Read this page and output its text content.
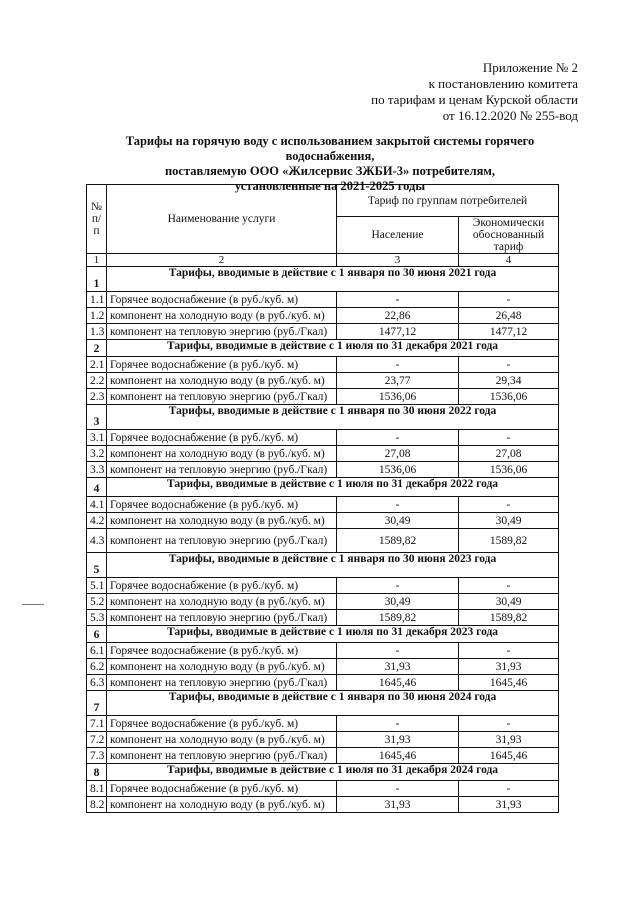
Приложение № 2
к постановлению комитета
по тарифам и ценам Курской области
от 16.12.2020 № 255-вод
Тарифы на горячую воду с использованием закрытой системы горячего водоснабжения,
поставляемую ООО «Жилсервис ЗЖБИ-3» потребителям,
установленные на 2021-2025 годы
№ п/п	Наименование услуги	Тариф по группам потребителей	
		Население	Экономически обоснованный тариф
1	2	3	4
1	Тарифы, вводимые в действие с 1 января по 30 июня 2021 года		
1.1	Горячее водоснабжение (в руб./куб. м)	-	-
1.2	компонент на холодную воду (в руб./куб. м)	22,86	26,48
1.3	компонент на тепловую энергию (руб./Гкал)	1477,12	1477,12
2	Тарифы, вводимые в действие с 1 июля по 31 декабря 2021 года		
2.1	Горячее водоснабжение (в руб./куб. м)	-	-
2.2	компонент на холодную воду (в руб./куб. м)	23,77	29,34
2.3	компонент на тепловую энергию (руб./Гкал)	1536,06	1536,06
3	Тарифы, вводимые в действие с 1 января по 30 июня 2022 года		
3.1	Горячее водоснабжение (в руб./куб. м)	-	-
3.2	компонент на холодную воду (в руб./куб. м)	27,08	27,08
3.3	компонент на тепловую энергию (руб./Гкал)	1536,06	1536,06
4	Тарифы, вводимые в действие с 1 июля по 31 декабря 2022 года		
4.1	Горячее водоснабжение (в руб./куб. м)	-	-
4.2	компонент на холодную воду (в руб./куб. м)	30,49	30,49
4.3	компонент на тепловую энергию (руб./Гкал)	1589,82	1589,82
5	Тарифы, вводимые в действие с 1 января по 30 июня 2023 года		
5.1	Горячее водоснабжение (в руб./куб. м)	-	-
5.2	компонент на холодную воду (в руб./куб. м)	30,49	30,49
5.3	компонент на тепловую энергию (руб./Гкал)	1589,82	1589,82
6	Тарифы, вводимые в действие с 1 июля по 31 декабря 2023 года		
6.1	Горячее водоснабжение (в руб./куб. м)	-	-
6.2	компонент на холодную воду (в руб./куб. м)	31,93	31,93
6.3	компонент на тепловую энергию (руб./Гкал)	1645,46	1645,46
7	Тарифы, вводимые в действие с 1 января по 30 июня 2024 года		
7.1	Горячее водоснабжение (в руб./куб. м)	-	-
7.2	компонент на холодную воду (в руб./куб. м)	31,93	31,93
7.3	компонент на тепловую энергию (руб./Гкал)	1645,46	1645,46
8	Тарифы, вводимые в действие с 1 июля по 31 декабря 2024 года		
8.1	Горячее водоснабжение (в руб./куб. м)	-	-
8.2	компонент на холодную воду (в руб./куб. м)	31,93	31,93
